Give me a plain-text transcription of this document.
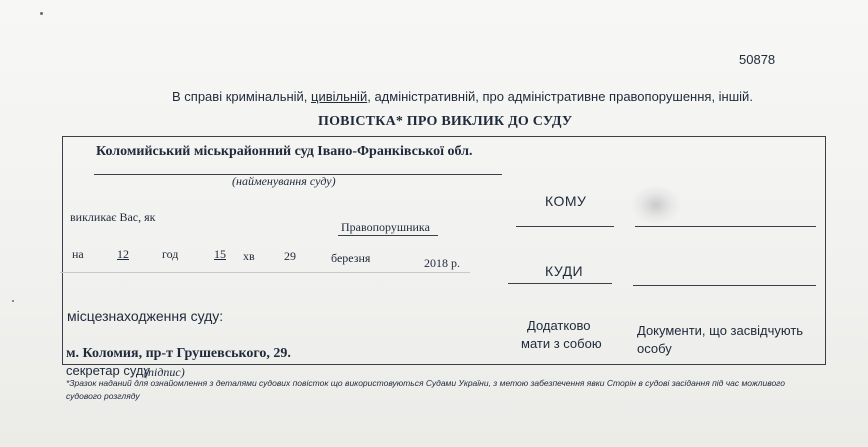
50878
В справі кримінальній, цивільній, адміністративній, про адміністративне правопорушення, іншій.
ПОВІСТКА* ПРО ВИКЛИК ДО СУДУ
Коломийський міськрайонний суд Івано-Франківської обл.
(найменування суду)
викликає Вас, як
Правопорушника
КОМУ
на	12	год	15 хв 29	березня	2018 р.	КУДИ
місцезнаходження суду:
Додатково
мати з собою
Документи, що засвідчують
особу
м. Коломия, пр-т Грушевського, 29.
секретар суду
(підпис)
*Зразок наданий для ознайомлення з деталями судових повісток що використовуються Судами України, з метою забезпечення явки Сторін в судові засідання під час можливого судового розгляду
